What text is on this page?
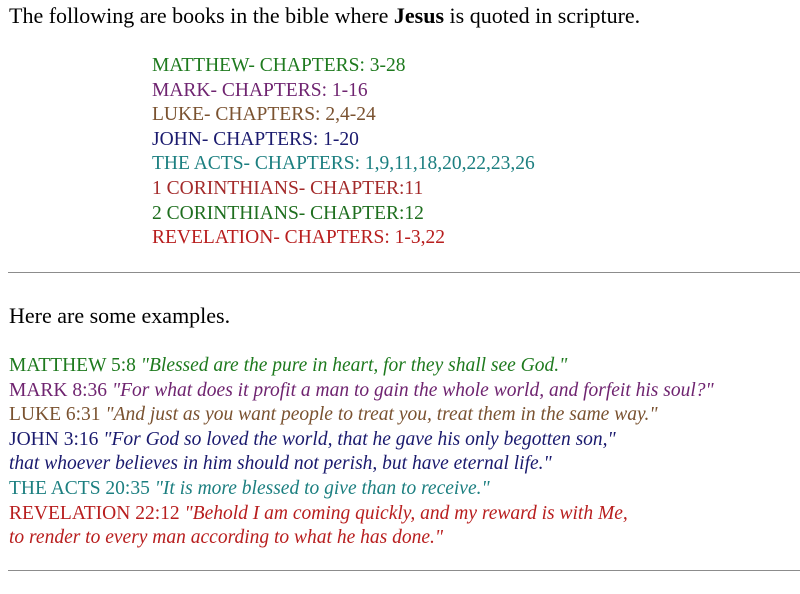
The following are books in the bible where Jesus is quoted in scripture.
MATTHEW- CHAPTERS: 3-28
MARK- CHAPTERS: 1-16
LUKE- CHAPTERS: 2,4-24
JOHN- CHAPTERS: 1-20
THE ACTS- CHAPTERS: 1,9,11,18,20,22,23,26
1 CORINTHIANS- CHAPTER:11
2 CORINTHIANS- CHAPTER:12
REVELATION- CHAPTERS: 1-3,22
Here are some examples.
MATTHEW 5:8 "Blessed are the pure in heart, for they shall see God."
MARK 8:36 "For what does it profit a man to gain the whole world, and forfeit his soul?"
LUKE 6:31 "And just as you want people to treat you, treat them in the same way."
JOHN 3:16 "For God so loved the world, that he gave his only begotten son,"
that whoever believes in him should not perish, but have eternal life."
THE ACTS 20:35 "It is more blessed to give than to receive."
REVELATION 22:12 "Behold I am coming quickly, and my reward is with Me,
to render to every man according to what he has done."
